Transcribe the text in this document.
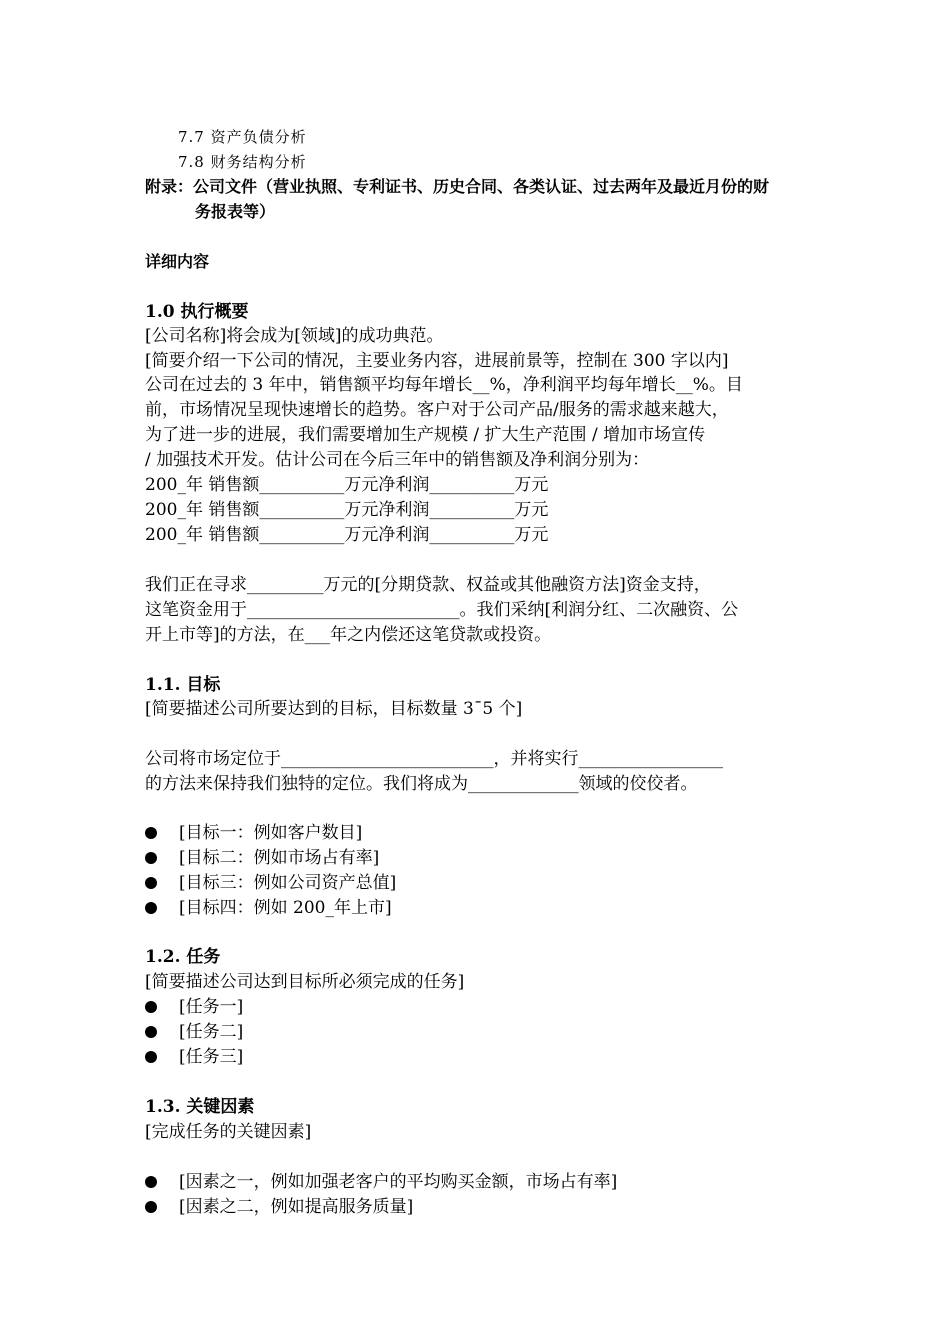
7.7 资产负债分析
7.8 财务结构分析
附录：公司文件（营业执照、专利证书、历史合同、各类认证、过去两年及最近月份的财
务报表等）
详细内容
1.0 执行概要
[公司名称]将会成为[领域]的成功典范。
[简要介绍一下公司的情况，主要业务内容，进展前景等，控制在 300 字以内]
公司在过去的 3 年中，销售额平均每年增长__%，净利润平均每年增长__%。目
前，市场情况呈现快速增长的趋势。客户对于公司产品/服务的需求越来越大，
为了进一步的进展，我们需要增加生产规模 / 扩大生产范围 / 增加市场宣传
/ 加强技术开发。估计公司在今后三年中的销售额及净利润分别为：
200_年 销售额__________万元净利润__________万元
200_年 销售额__________万元净利润__________万元
200_年 销售额__________万元净利润__________万元
我们正在寻求_________万元的[分期贷款、权益或其他融资方法]资金支持，
这笔资金用于_________________________。我们采纳[利润分红、二次融资、公
开上市等]的方法，在___年之内偿还这笔贷款或投资。
1.1. 目标
[简要描述公司所要达到的目标，目标数量 3¯5 个]
公司将市场定位于_________________________，并将实行_________________
的方法来保持我们独特的定位。我们将成为_____________领域的佼佼者。
[目标一：例如客户数目]
[目标二：例如市场占有率]
[目标三：例如公司资产总值]
[目标四：例如 200_年上市]
1.2. 任务
[简要描述公司达到目标所必须完成的任务]
[任务一]
[任务二]
[任务三]
1.3. 关键因素
[完成任务的关键因素]
[因素之一，例如加强老客户的平均购买金额，市场占有率]
[因素之二，例如提高服务质量]
